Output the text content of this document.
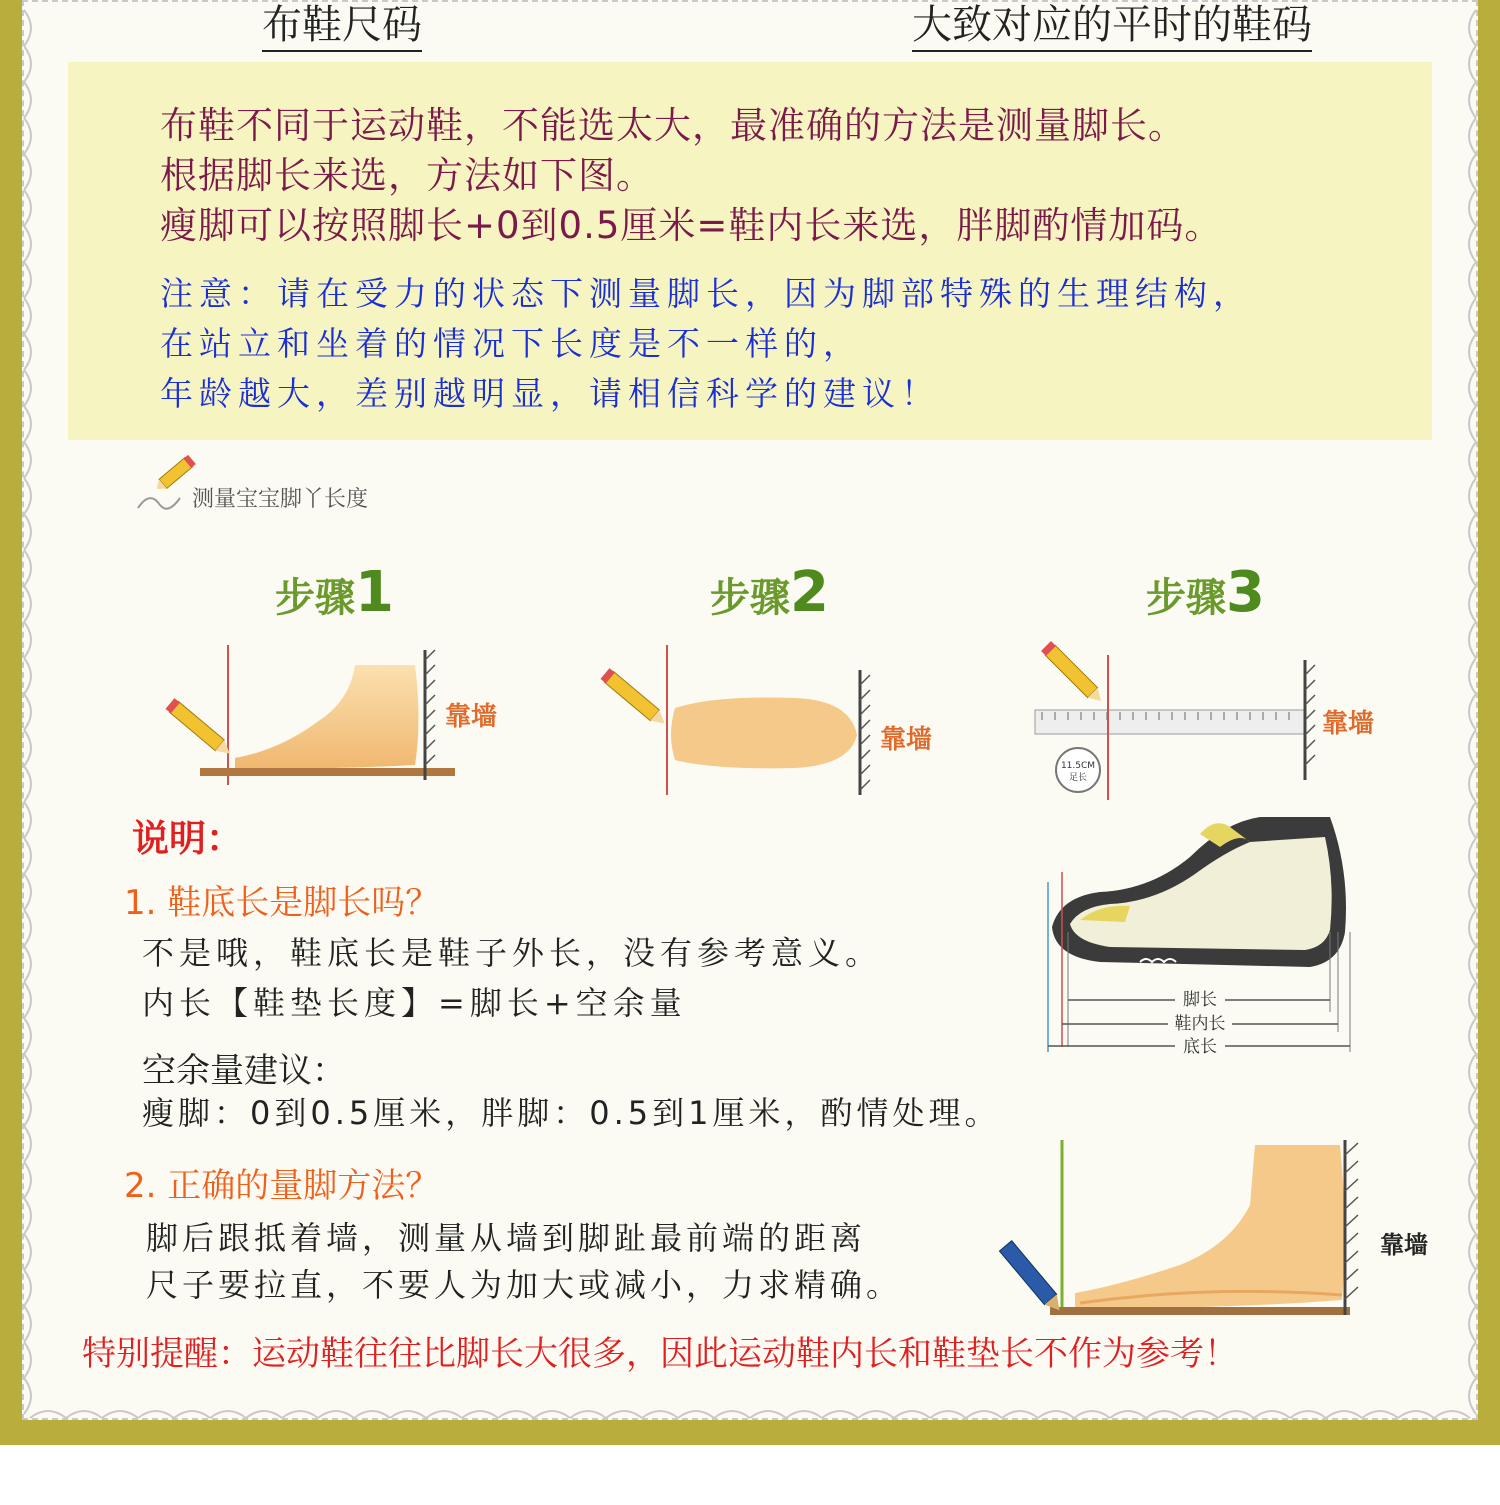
布鞋尺码	大致对应的平时的鞋码
布鞋不同于运动鞋，不能选太大，最准确的方法是测量脚长。
根据脚长来选，方法如下图。
瘦脚可以按照脚长+0到0.5厘米=鞋内长来选，胖脚酌情加码。
注意：请在受力的状态下测量脚长，因为脚部特殊的生理结构，
在站立和坐着的情况下长度是不一样的，
年龄越大，差别越明显，请相信科学的建议！
测量宝宝脚丫长度
步骤1	步骤2	步骤3
靠墙
靠墙
11.5CM
足长
靠墙
说明：
1. 鞋底长是脚长吗？
不是哦，鞋底长是鞋子外长，没有参考意义。
内长【鞋垫长度】=脚长+空余量
空余量建议：
瘦脚：0到0.5厘米，胖脚：0.5到1厘米，酌情处理。
2. 正确的量脚方法？
脚后跟抵着墙，测量从墙到脚趾最前端的距离
尺子要拉直，不要人为加大或减小，力求精确。
脚长
鞋内长
底长
靠墙
特别提醒：运动鞋往往比脚长大很多，因此运动鞋内长和鞋垫长不作为参考！
